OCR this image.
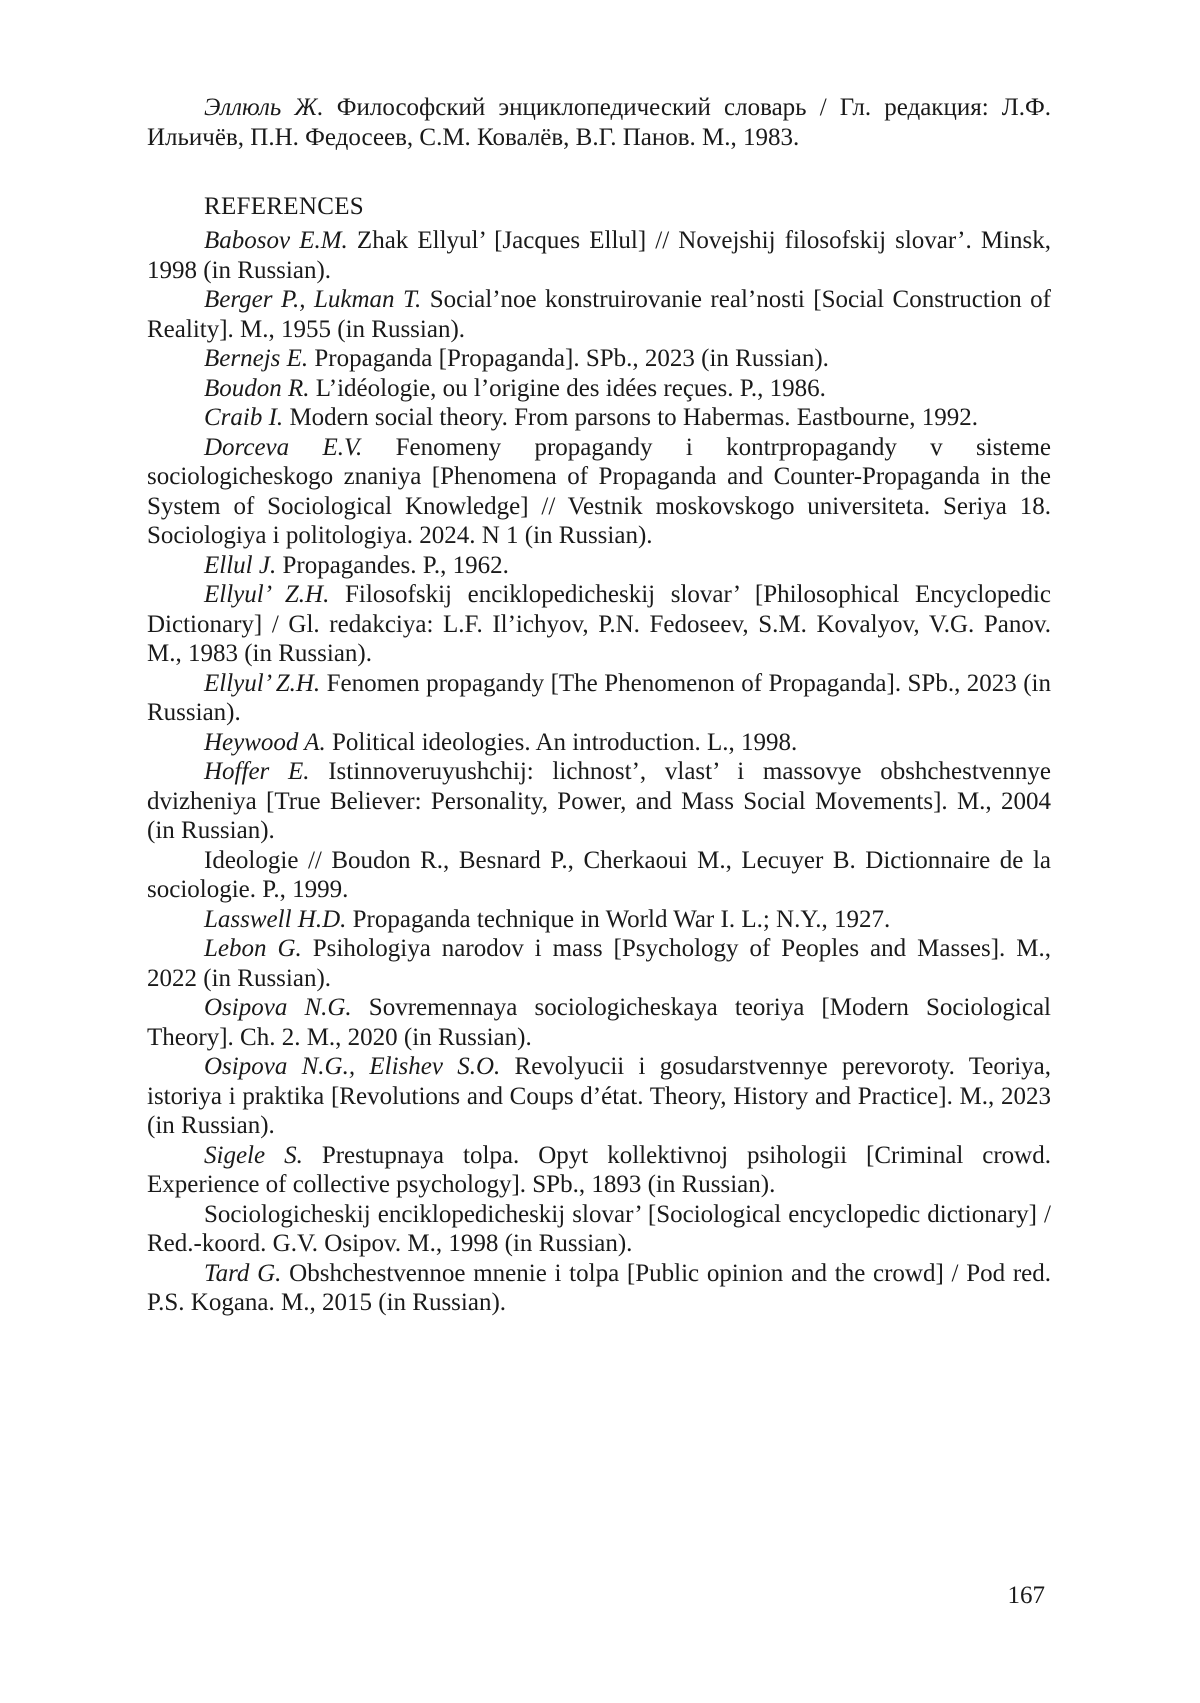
Эллюль Ж. Философский энциклопедический словарь / Гл. редакция: Л.Ф. Ильичёв, П.Н. Федосеев, С.М. Ковалёв, В.Г. Панов. М., 1983.

REFERENCES

Babosov E.M. Zhak Ellyul’ [Jacques Ellul] // Novejshij filosofskij slovar’. Minsk, 1998 (in Russian).

Berger P., Lukman T. Social’noe konstruirovanie real’nosti [Social Construction of Reality]. M., 1955 (in Russian).

Bernejs E. Propaganda [Propaganda]. SPb., 2023 (in Russian).

Boudon R. L’idéologie, ou l’origine des idées reçues. P., 1986.

Craib I. Modern social theory. From parsons to Habermas. Eastbourne, 1992.

Dorceva E.V. Fenomeny propagandy i kontrpropagandy v sisteme sociologicheskogo znaniya [Phenomena of Propaganda and Counter-Propaganda in the System of Sociological Knowledge] // Vestnik moskovskogo universiteta. Seriya 18. Sociologiya i politologiya. 2024. N 1 (in Russian).

Ellul J. Propagandes. P., 1962.

Ellyul’ Z.H. Filosofskij enciklopedicheskij slovar’ [Philosophical Encyclopedic Dictionary] / Gl. redakciya: L.F. Il’ichyov, P.N. Fedoseev, S.M. Kovalyov, V.G. Panov. M., 1983 (in Russian).

Ellyul’ Z.H. Fenomen propagandy [The Phenomenon of Propaganda]. SPb., 2023 (in Russian).

Heywood A. Political ideologies. An introduction. L., 1998.

Hoffer E. Istinnoveruyushchij: lichnost’, vlast’ i massovye obshchestvennye dvizheniya [True Believer: Personality, Power, and Mass Social Movements]. M., 2004 (in Russian).

Ideologie // Boudon R., Besnard P., Cherkaoui M., Lecuyer B. Dictionnaire de la sociologie. P., 1999.

Lasswell H.D. Propaganda technique in World War I. L.; N.Y., 1927.

Lebon G. Psihologiya narodov i mass [Psychology of Peoples and Masses]. M., 2022 (in Russian).

Osipova N.G. Sovremennaya sociologicheskaya teoriya [Modern Sociological Theory]. Ch. 2. M., 2020 (in Russian).

Osipova N.G., Elishev S.O. Revolyucii i gosudarstvennye perevoroty. Teoriya, istoriya i praktika [Revolutions and Coups d’état. Theory, History and Practice]. M., 2023 (in Russian).

Sigele S. Prestupnaya tolpa. Opyt kollektivnoj psihologii [Criminal crowd. Experience of collective psychology]. SPb., 1893 (in Russian).

Sociologicheskij enciklopedicheskij slovar’ [Sociological encyclopedic dictionary] / Red.-koord. G.V. Osipov. M., 1998 (in Russian).

Tard G. Obshchestvennoe mnenie i tolpa [Public opinion and the crowd] / Pod red. P.S. Kogana. M., 2015 (in Russian).

167
